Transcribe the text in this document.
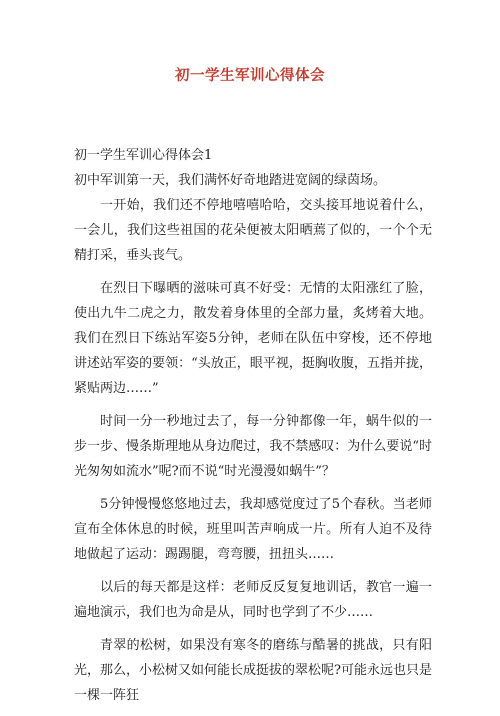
初一学生军训心得体会

初一学生军训心得体会1

初中军训第一天，我们满怀好奇地踏进宽阔的绿茵场。

一开始，我们还不停地嘻嘻哈哈，交头接耳地说着什么，一会儿，我们这些祖国的花朵便被太阳晒蔫了似的，一个个无精打采，垂头丧气。

在烈日下曝晒的滋味可真不好受：无情的太阳涨红了脸，使出九牛二虎之力，散发着身体里的全部力量，炙烤着大地。我们在烈日下练站军姿5分钟，老师在队伍中穿梭，还不停地讲述站军姿的要领：“头放正，眼平视，挺胸收腹，五指并拢，紧贴两边……”

时间一分一秒地过去了，每一分钟都像一年，蜗牛似的一步一步、慢条斯理地从身边爬过，我不禁感叹：为什么要说“时光匆匆如流水”呢?而不说“时光漫漫如蜗牛”？

5分钟慢慢悠悠地过去，我却感觉度过了5个春秋。当老师宣布全体休息的时候，班里叫苦声响成一片。所有人迫不及待地做起了运动：踢踢腿，弯弯腰，扭扭头……

以后的每天都是这样：老师反反复复地训话，教官一遍一遍地演示，我们也为命是从，同时也学到了不少……

青翠的松树，如果没有寒冬的磨练与酷暑的挑战，只有阳光，那么，小松树又如何能长成挺拔的翠松呢?可能永远也只是一棵一阵狂
